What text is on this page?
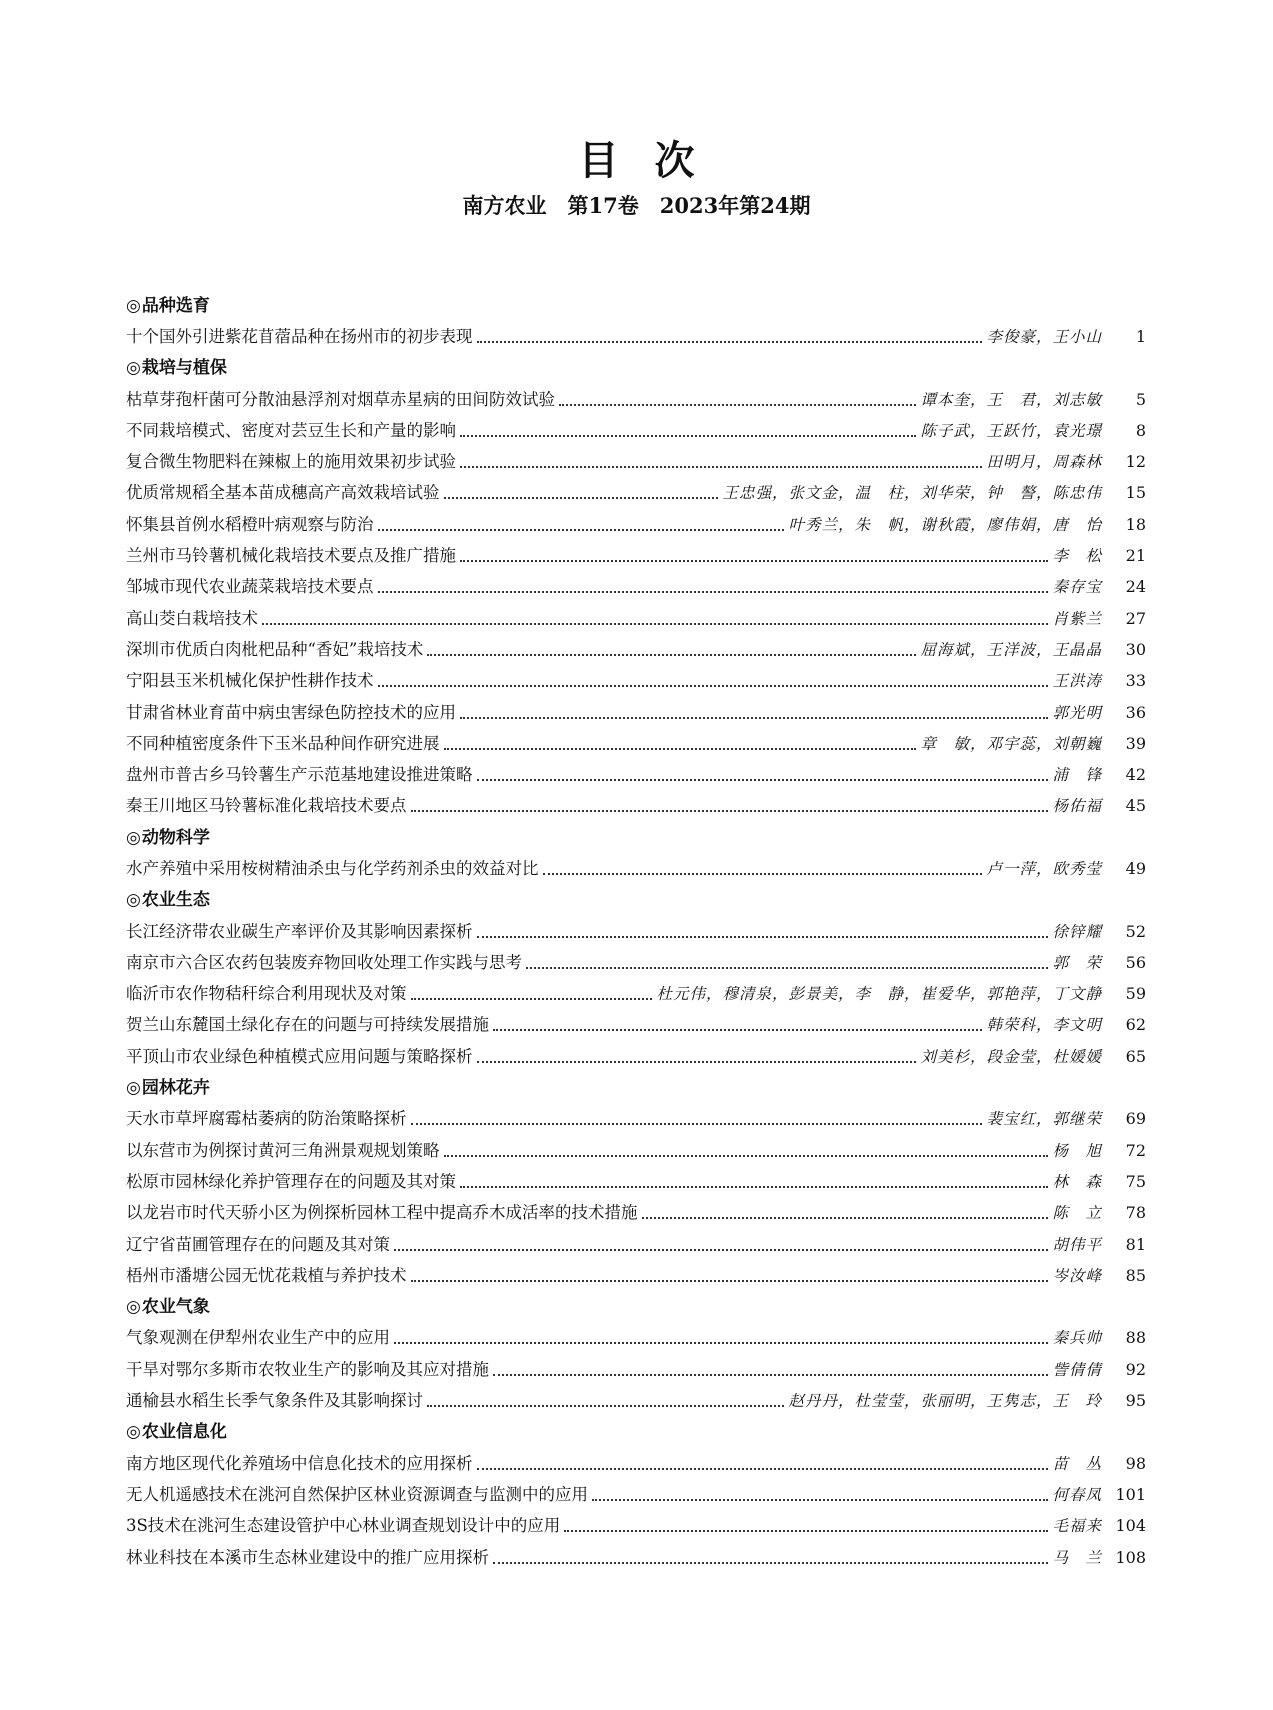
目次
南方农业　第17卷　2023年第24期
◎ 品种选育
十个国外引进紫花苜蓿品种在扬州市的初步表现	李俊豪，王小山	1
◎ 栽培与植保
枯草芽孢杆菌可分散油悬浮剂对烟草赤星病的田间防效试验	谭本奎，王　君，刘志敏	5
不同栽培模式、密度对芸豆生长和产量的影响	陈子武，王跃竹，袁光璟	8
复合微生物肥料在辣椒上的施用效果初步试验	田明月，周森林	12
优质常规稻全基本苗成穗高产高效栽培试验	王忠强，张文金，温　柱，刘华荣，钟　謷，陈忠伟	15
怀集县首例水稻橙叶病观察与防治	叶秀兰，朱　帆，谢秋霞，廖伟娟，唐　怡	18
兰州市马铃薯机械化栽培技术要点及推广措施	李　松	21
邹城市现代农业蔬菜栽培技术要点	秦存宝	24
高山茭白栽培技术	肖紫兰	27
深圳市优质白肉枇杷品种“香妃”栽培技术	屈海斌，王洋波，王晶晶	30
宁阳县玉米机械化保护性耕作技术	王洪涛	33
甘肃省林业育苗中病虫害绿色防控技术的应用	郭光明	36
不同种植密度条件下玉米品种间作研究进展	章　敏，邓宇蕊，刘朝巍	39
盘州市普古乡马铃薯生产示范基地建设推进策略	浦　锋	42
秦王川地区马铃薯标准化栽培技术要点	杨佑福	45
◎ 动物科学
水产养殖中采用桉树精油杀虫与化学药剂杀虫的效益对比	卢一萍，欧秀莹	49
◎ 农业生态
长江经济带农业碳生产率评价及其影响因素探析	徐锌耀	52
南京市六合区农药包装废弃物回收处理工作实践与思考	郭　荣	56
临沂市农作物秸秆综合利用现状及对策	杜元伟，穆清泉，彭景美，李　静，崔爱华，郭艳萍，丁文静	59
贺兰山东麓国土绿化存在的问题与可持续发展措施	韩荣科，李文明	62
平顶山市农业绿色种植模式应用问题与策略探析	刘美杉，段金莹，杜媛媛	65
◎ 园林花卉
天水市草坪腐霉枯萎病的防治策略探析	裴宝红，郭继荣	69
以东营市为例探讨黄河三角洲景观规划策略	杨　旭	72
松原市园林绿化养护管理存在的问题及其对策	林　森	75
以龙岩市时代天骄小区为例探析园林工程中提高乔木成活率的技术措施	陈　立	78
辽宁省苗圃管理存在的问题及其对策	胡伟平	81
梧州市潘塘公园无忧花栽植与养护技术	岑汝峰	85
◎ 农业气象
气象观测在伊犁州农业生产中的应用	秦兵帅	88
干旱对鄂尔多斯市农牧业生产的影响及其应对措施	訾倩倩	92
通榆县水稻生长季气象条件及其影响探讨	赵丹丹，杜莹莹，张丽明，王隽志，王　玲	95
◎ 农业信息化
南方地区现代化养殖场中信息化技术的应用探析	苗　丛	98
无人机遥感技术在洮河自然保护区林业资源调查与监测中的应用	何春凤 101
3S技术在洮河生态建设管护中心林业调查规划设计中的应用	毛福来 104
林业科技在本溪市生态林业建设中的推广应用探析	马　兰 108
